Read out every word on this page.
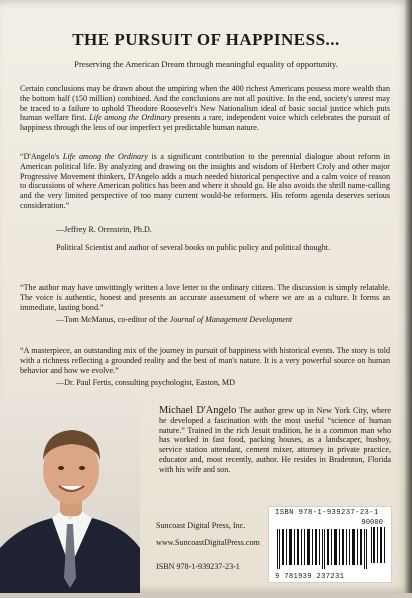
THE PURSUIT OF HAPPINESS...
Preserving the American Dream through meaningful equality of opportunity.
Certain conclusions may be drawn about the umpiring when the 400 richest Americans possess more wealth than the bottom half (150 million) combined. And the conclusions are not all positive. In the end, society's unrest may be traced to a failure to uphold Theodore Roosevelt's New Nationalism ideal of basic social justice which puts human welfare first. Life among the Ordinary presents a rare, independent voice which celebrates the pursuit of happiness through the lens of our imperfect yet predictable human nature.
“D'Angelo's Life among the Ordinary is a significant contribution to the perennial dialogue about reform in American political life. By analyzing and drawing on the insights and wisdom of Herbert Croly and other major Progressive Movement thinkers, D'Angelo adds a much needed historical perspective and a calm voice of reason to discussions of where American politics has been and where it should go. He also avoids the shrill name-calling and the very limited perspective of too many current would-be reformers. His reform agenda deserves serious consideration.”
—Jeffrey R. Orenstein, Ph.D.
Political Scientist and author of several books on public policy and political thought.
“The author may have unwittingly written a love letter to the ordinary citizen. The discussion is simply relatable. The voice is authentic, honest and presents an accurate assessment of where we are as a culture. It forms an immediate, lasting bond.”
—Tom McManus, co-editor of the Journal of Management Development
“A masterpiece, an outstanding mix of the journey in pursuit of happiness with historical events. The story is told with a richness reflecting a grounded reality and the best of man's nature. It is a very powerful source on human behavior and how we evolve.”
—Dr. Paul Fertis, consulting psychologist, Easton, MD
Michael D'Angelo The author grew up in New York City, where he developed a fascination with the most useful “science of human nature.” Trained in the rich Jesuit tradition, he is a common man who has worked in fast food, packing houses, as a landscaper, busboy, service station attendant, cement mixer, attorney in private practice, educator and, most recently, author. He resides in Bradenton, Florida with his wife and son.
Suncoast Digital Press, Inc.
www.SuncoastDigitalPress.com
ISBN 978-1-939237-23-1
ISBN 978-1-939237-23-1
90000
9 781939 237231
